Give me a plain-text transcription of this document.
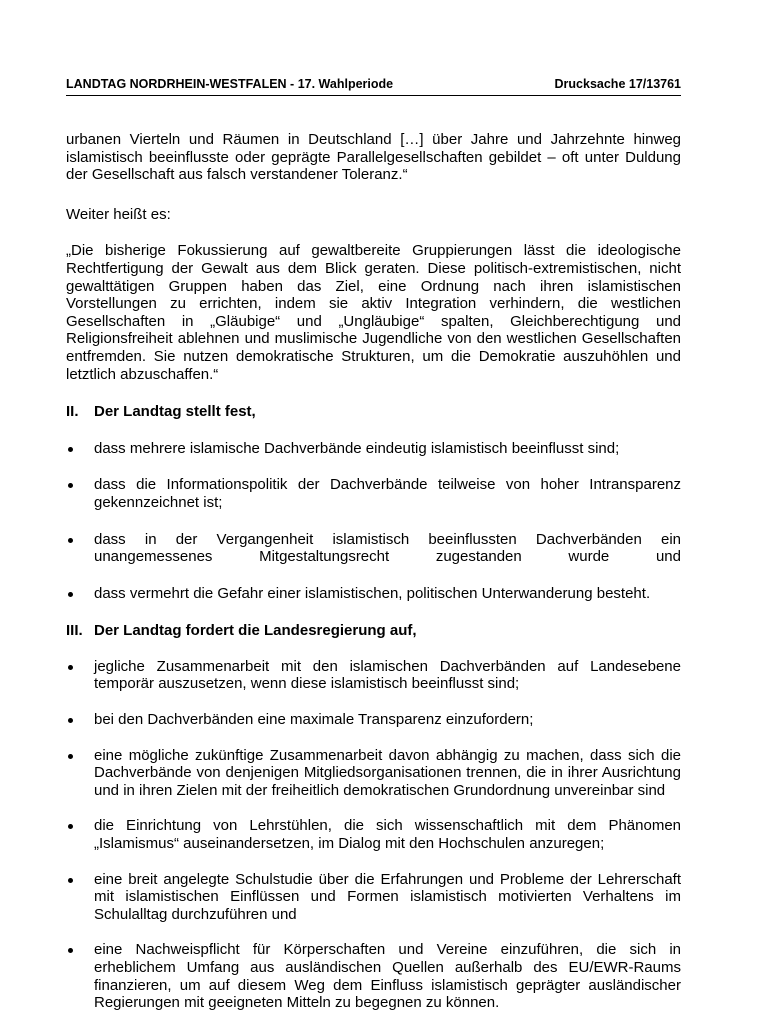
LANDTAG NORDRHEIN-WESTFALEN - 17. Wahlperiode	Drucksache 17/13761

urbanen Vierteln und Räumen in Deutschland […] über Jahre und Jahrzehnte hinweg islamistisch beeinflusste oder geprägte Parallelgesellschaften gebildet – oft unter Duldung der Gesellschaft aus falsch verstandener Toleranz.“

Weiter heißt es:

„Die bisherige Fokussierung auf gewaltbereite Gruppierungen lässt die ideologische Rechtfertigung der Gewalt aus dem Blick geraten. Diese politisch-extremistischen, nicht gewalttätigen Gruppen haben das Ziel, eine Ordnung nach ihren islamistischen Vorstellungen zu errichten, indem sie aktiv Integration verhindern, die westlichen Gesellschaften in „Gläubige“ und „Ungläubige“ spalten, Gleichberechtigung und Religionsfreiheit ablehnen und muslimische Jugendliche von den westlichen Gesellschaften entfremden. Sie nutzen demokratische Strukturen, um die Demokratie auszuhöhlen und letztlich abzuschaffen.“

II.	Der Landtag stellt fest,
dass mehrere islamische Dachverbände eindeutig islamistisch beeinflusst sind;
dass die Informationspolitik der Dachverbände teilweise von hoher Intransparenz gekennzeichnet ist;
dass in der Vergangenheit islamistisch beeinflussten Dachverbänden ein unangemessenes Mitgestaltungsrecht zugestanden wurde und
dass vermehrt die Gefahr einer islamistischen, politischen Unterwanderung besteht.
III. Der Landtag fordert die Landesregierung auf,
jegliche Zusammenarbeit mit den islamischen Dachverbänden auf Landesebene temporär auszusetzen, wenn diese islamistisch beeinflusst sind;
bei den Dachverbänden eine maximale Transparenz einzufordern;
eine mögliche zukünftige Zusammenarbeit davon abhängig zu machen, dass sich die Dachverbände von denjenigen Mitgliedsorganisationen trennen, die in ihrer Ausrichtung und in ihren Zielen mit der freiheitlich demokratischen Grundordnung unvereinbar sind
die Einrichtung von Lehrstühlen, die sich wissenschaftlich mit dem Phänomen „Islamismus“ auseinandersetzen, im Dialog mit den Hochschulen anzuregen;
eine breit angelegte Schulstudie über die Erfahrungen und Probleme der Lehrerschaft mit islamistischen Einflüssen und Formen islamistisch motivierten Verhaltens im Schulalltag durchzuführen und
eine Nachweispflicht für Körperschaften und Vereine einzuführen, die sich in erheblichem Umfang aus ausländischen Quellen außerhalb des EU/EWR-Raums finanzieren, um auf diesem Weg dem Einfluss islamistisch geprägter ausländischer Regierungen mit geeigneten Mitteln zu begegnen zu können.
